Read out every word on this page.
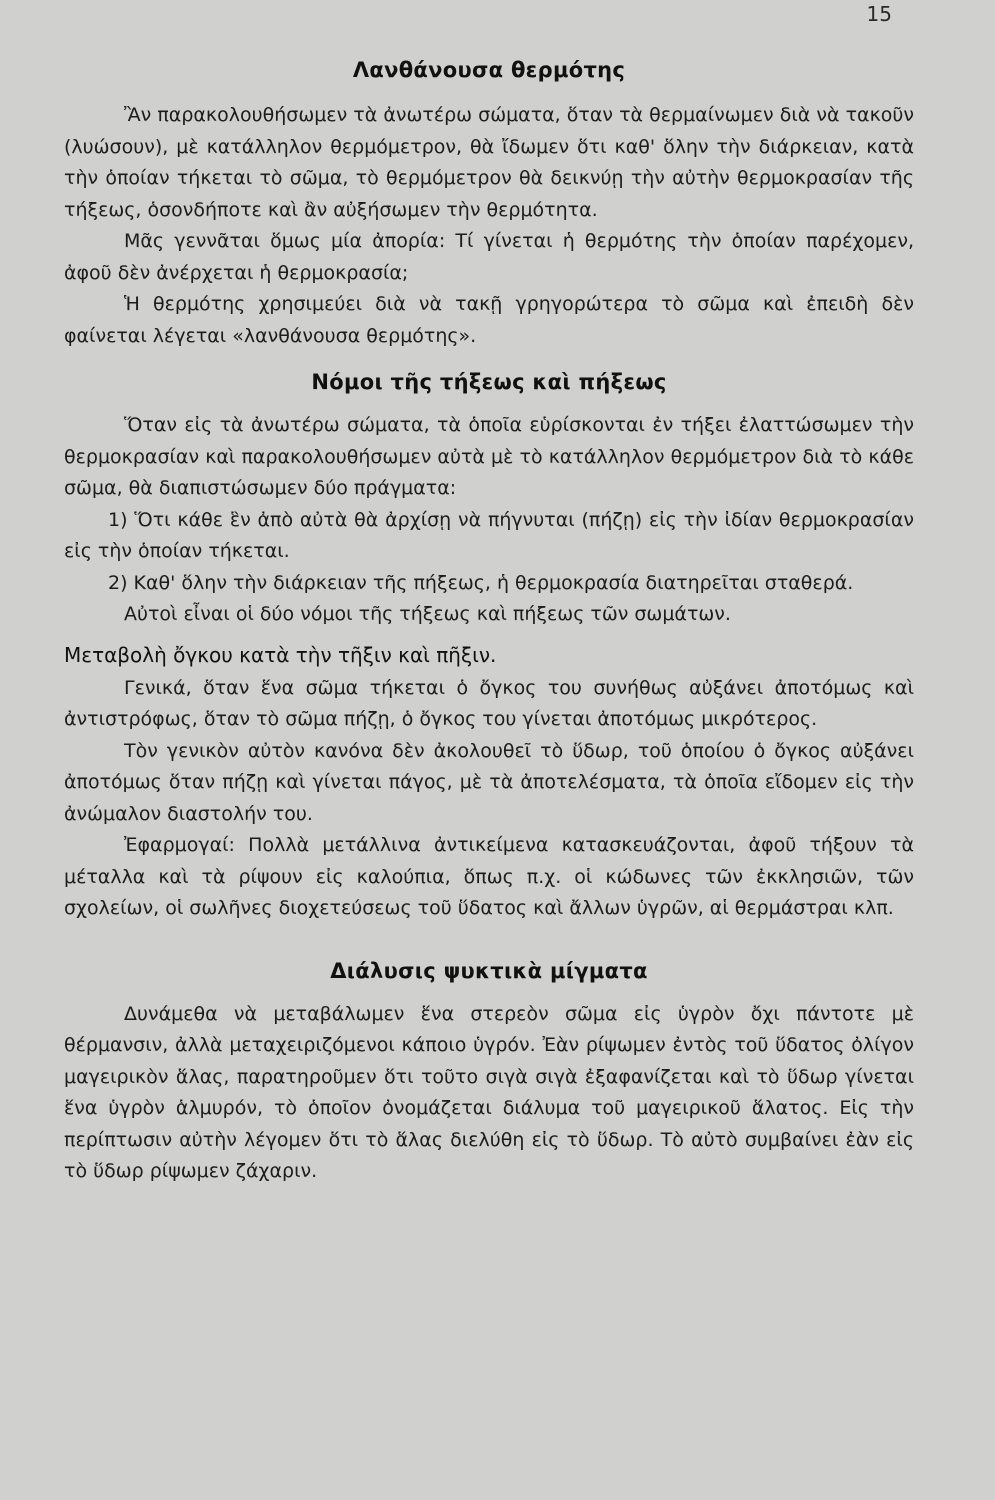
15
Λανθάνουσα θερμότης

Ἂν παρακολουθήσωμεν τὰ ἀνωτέρω σώματα, ὅταν τὰ θερμαίνωμεν διὰ νὰ τακοῦν (λυώσουν), μὲ κατάλληλον θερμόμετρον, θὰ ἴδωμεν ὅτι καθ' ὅλην τὴν διάρκειαν, κατὰ τὴν ὁποίαν τήκεται τὸ σῶμα, τὸ θερμόμετρον θὰ δεικνύῃ τὴν αὐτὴν θερμοκρασίαν τῆς τήξεως, ὁσονδήποτε καὶ ἂν αὐξήσωμεν τὴν θερμότητα.

Μᾶς γεννᾶται ὅμως μία ἀπορία: Τί γίνεται ἡ θερμότης τὴν ὁποίαν παρέχομεν, ἀφοῦ δὲν ἀνέρχεται ἡ θερμοκρασία;

Ἡ θερμότης χρησιμεύει διὰ νὰ τακῇ γρηγορώτερα τὸ σῶμα καὶ ἐπειδὴ δὲν φαίνεται λέγεται «λανθάνουσα θερμότης».

Νόμοι τῆς τήξεως καὶ πήξεως

Ὅταν εἰς τὰ ἀνωτέρω σώματα, τὰ ὁποῖα εὑρίσκονται ἐν τήξει ἐλαττώσωμεν τὴν θερμοκρασίαν καὶ παρακολουθήσωμεν αὐτὰ μὲ τὸ κατάλληλον θερμόμετρον διὰ τὸ κάθε σῶμα, θὰ διαπιστώσωμεν δύο πράγματα:

1) Ὅτι κάθε ἓν ἀπὸ αὐτὰ θὰ ἀρχίσῃ νὰ πήγνυται (πήζῃ) εἰς τὴν ἰδίαν θερμοκρασίαν εἰς τὴν ὁποίαν τήκεται.

2) Καθ' ὅλην τὴν διάρκειαν τῆς πήξεως, ἡ θερμοκρασία διατηρεῖται σταθερά.

Αὐτοὶ εἶναι οἱ δύο νόμοι τῆς τήξεως καὶ πήξεως τῶν σωμάτων.

Μεταβολὴ ὄγκου κατὰ τὴν τῆξιν καὶ πῆξιν.

Γενικά, ὅταν ἕνα σῶμα τήκεται ὁ ὄγκος του συνήθως αὐξάνει ἀποτόμως καὶ ἀντιστρόφως, ὅταν τὸ σῶμα πήζῃ, ὁ ὄγκος του γίνεται ἀποτόμως μικρότερος.

Τὸν γενικὸν αὐτὸν κανόνα δὲν ἀκολουθεῖ τὸ ὕδωρ, τοῦ ὁποίου ὁ ὄγκος αὐξάνει ἀποτόμως ὅταν πήζῃ καὶ γίνεται πάγος, μὲ τὰ ἀποτελέσματα, τὰ ὁποῖα εἴδομεν εἰς τὴν ἀνώμαλον διαστολήν του.

Ἐφαρμογαί: Πολλὰ μετάλλινα ἀντικείμενα κατασκευάζονται, ἀφοῦ τήξουν τὰ μέταλλα καὶ τὰ ρίψουν εἰς καλούπια, ὅπως π.χ. οἱ κώδωνες τῶν ἐκκλησιῶν, τῶν σχολείων, οἱ σωλῆνες διοχετεύσεως τοῦ ὕδατος καὶ ἄλλων ὑγρῶν, αἱ θερμάστραι κλπ.

Διάλυσις ψυκτικὰ μίγματα

Δυνάμεθα νὰ μεταβάλωμεν ἕνα στερεὸν σῶμα εἰς ὑγρὸν ὄχι πάντοτε μὲ θέρμανσιν, ἀλλὰ μεταχειριζόμενοι κάποιο ὑγρόν. Ἐὰν ρίψωμεν ἐντὸς τοῦ ὕδατος ὀλίγον μαγειρικὸν ἅλας, παρατηροῦμεν ὅτι τοῦτο σιγὰ σιγὰ ἐξαφανίζεται καὶ τὸ ὕδωρ γίνεται ἕνα ὑγρὸν ἁλμυρόν, τὸ ὁποῖον ὀνομάζεται διάλυμα τοῦ μαγειρικοῦ ἅλατος. Εἰς τὴν περίπτωσιν αὐτὴν λέγομεν ὅτι τὸ ἅλας διελύθη εἰς τὸ ὕδωρ. Τὸ αὐτὸ συμβαίνει ἐὰν εἰς τὸ ὕδωρ ρίψωμεν ζάχαριν.
